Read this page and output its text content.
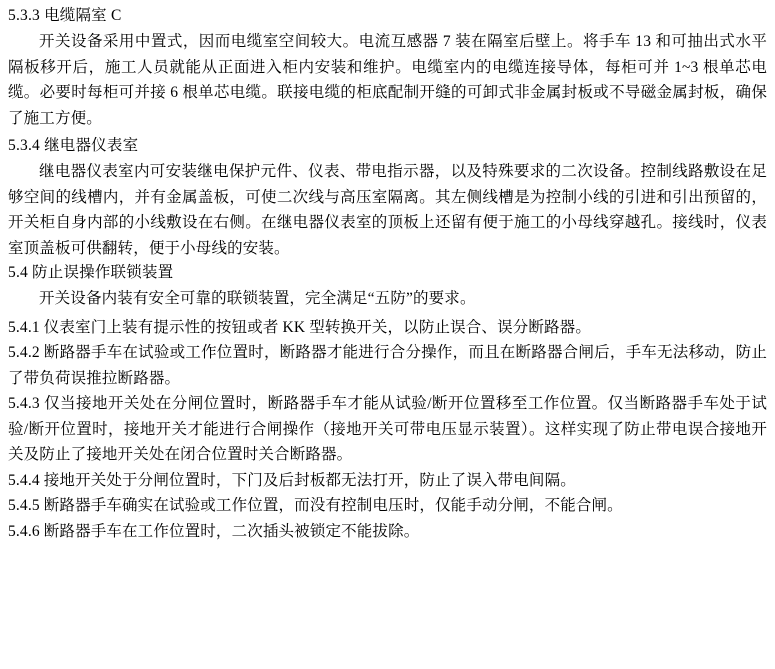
5.3.3 电缆隔室 C

开关设备采用中置式，因而电缆室空间较大。电流互感器 7 装在隔室后壁上。将手车 13 和可抽出式水平隔板移开后，施工人员就能从正面进入柜内安装和维护。电缆室内的电缆连接导体，每柜可并 1~3 根单芯电缆。必要时每柜可并接 6 根单芯电缆。联接电缆的柜底配制开缝的可卸式非金属封板或不导磁金属封板，确保了施工方便。

5.3.4 继电器仪表室

继电器仪表室内可安装继电保护元件、仪表、带电指示器，以及特殊要求的二次设备。控制线路敷设在足够空间的线槽内，并有金属盖板，可使二次线与高压室隔离。其左侧线槽是为控制小线的引进和引出预留的，开关柜自身内部的小线敷设在右侧。在继电器仪表室的顶板上还留有便于施工的小母线穿越孔。接线时，仪表室顶盖板可供翻转，便于小母线的安装。

5.4 防止误操作联锁装置

开关设备内装有安全可靠的联锁装置，完全满足“五防”的要求。

5.4.1 仪表室门上装有提示性的按钮或者 KK 型转换开关，以防止误合、误分断路器。

5.4.2 断路器手车在试验或工作位置时，断路器才能进行合分操作，而且在断路器合闸后，手车无法移动，防止了带负荷误推拉断路器。

5.4.3 仅当接地开关处在分闸位置时，断路器手车才能从试验/断开位置移至工作位置。仅当断路器手车处于试验/断开位置时，接地开关才能进行合闸操作（接地开关可带电压显示装置）。这样实现了防止带电误合接地开关及防止了接地开关处在闭合位置时关合断路器。

5.4.4 接地开关处于分闸位置时，下门及后封板都无法打开，防止了误入带电间隔。

5.4.5 断路器手车确实在试验或工作位置，而没有控制电压时，仅能手动分闸，不能合闸。

5.4.6 断路器手车在工作位置时，二次插头被锁定不能拔除。
